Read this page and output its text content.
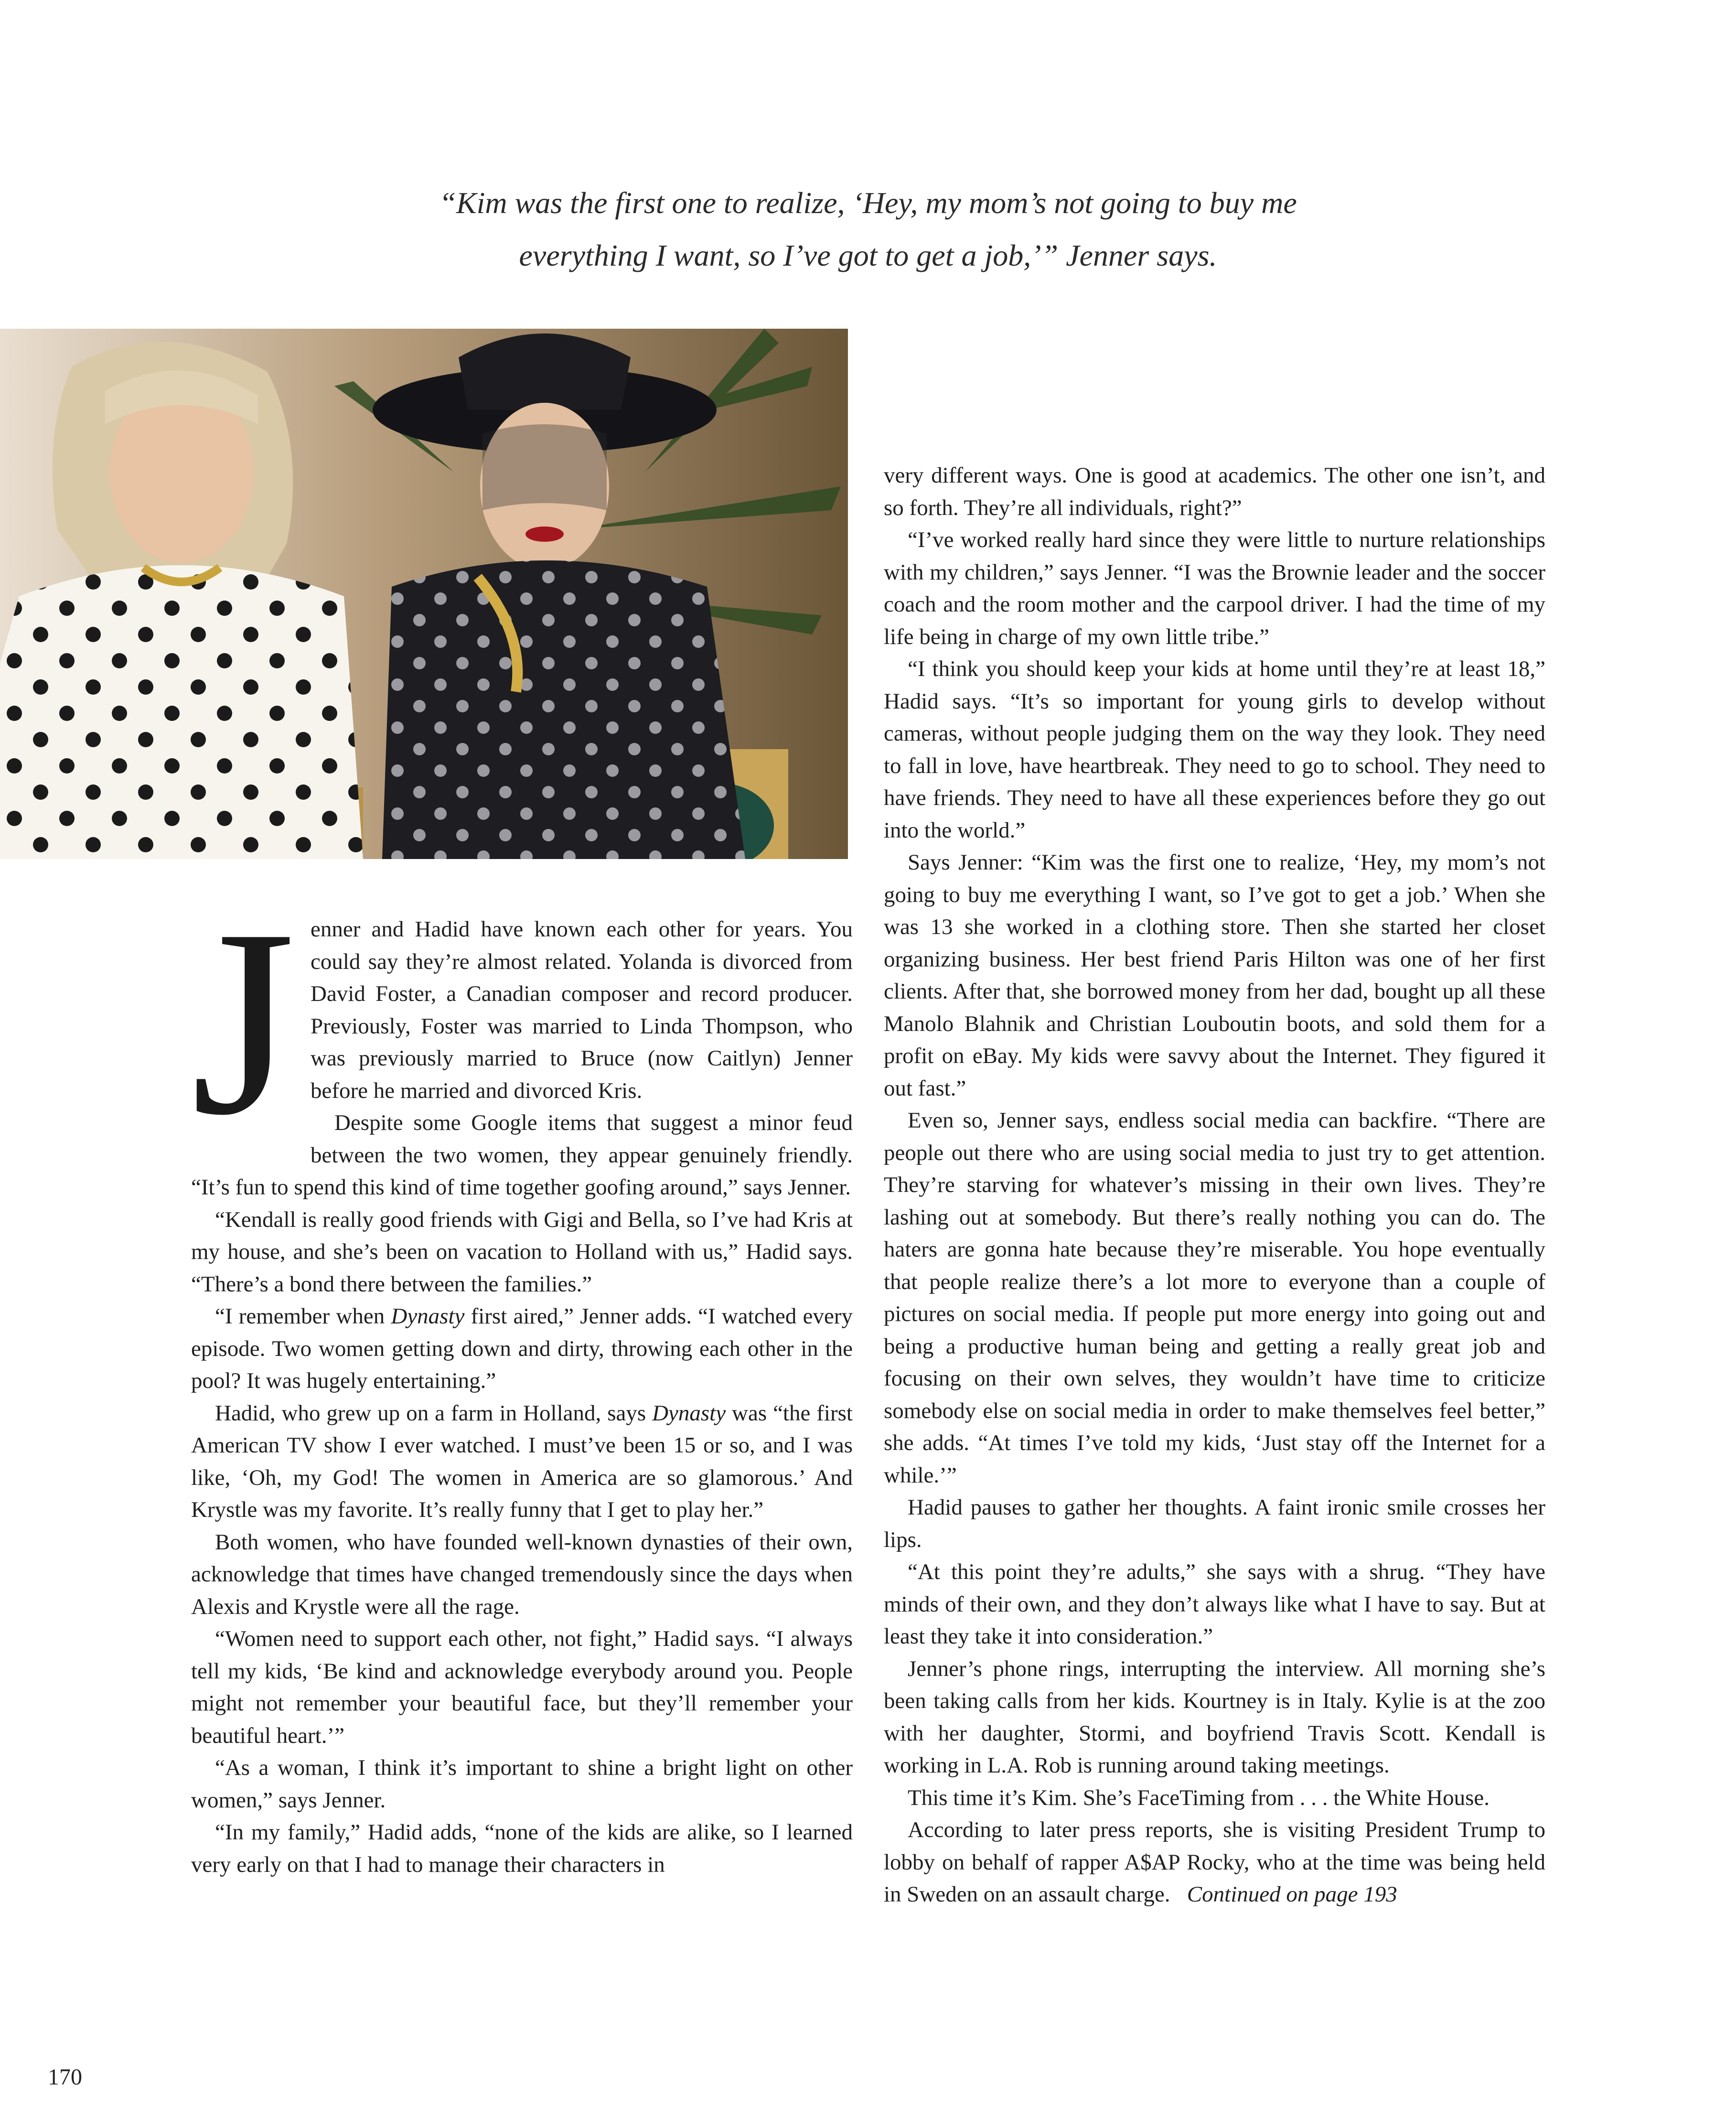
“Kim was the first one to realize, ‘Hey, my mom’s not going to buy me
everything I want, so I’ve got to get a job,’” Jenner says.

Jenner and Hadid have known each other for years. You could say they’re almost related. Yolanda is divorced from David Foster, a Canadian composer and record producer. Previously, Foster was married to Linda Thompson, who was previously married to Bruce (now Caitlyn) Jenner before he married and divorced Kris.

Despite some Google items that suggest a minor feud between the two women, they appear genuinely friendly. “It’s fun to spend this kind of time together goofing around,” says Jenner.

“Kendall is really good friends with Gigi and Bella, so I’ve had Kris at my house, and she’s been on vacation to Holland with us,” Hadid says. “There’s a bond there between the families.”

“I remember when Dynasty first aired,” Jenner adds. “I watched every episode. Two women getting down and dirty, throwing each other in the pool? It was hugely entertaining.”

Hadid, who grew up on a farm in Holland, says Dynasty was “the first American TV show I ever watched. I must’ve been 15 or so, and I was like, ‘Oh, my God! The women in America are so glamorous.’ And Krystle was my favorite. It’s really funny that I get to play her.”

Both women, who have founded well-known dynasties of their own, acknowledge that times have changed tremendously since the days when Alexis and Krystle were all the rage.

“Women need to support each other, not fight,” Hadid says. “I always tell my kids, ‘Be kind and acknowledge everybody around you. People might not remember your beautiful face, but they’ll remember your beautiful heart.’”

“As a woman, I think it’s important to shine a bright light on other women,” says Jenner.

“In my family,” Hadid adds, “none of the kids are alike, so I learned very early on that I had to manage their characters in

very different ways. One is good at academics. The other one isn’t, and so forth. They’re all individuals, right?”

“I’ve worked really hard since they were little to nurture relationships with my children,” says Jenner. “I was the Brownie leader and the soccer coach and the room mother and the carpool driver. I had the time of my life being in charge of my own little tribe.”

“I think you should keep your kids at home until they’re at least 18,” Hadid says. “It’s so important for young girls to develop without cameras, without people judging them on the way they look. They need to fall in love, have heartbreak. They need to go to school. They need to have friends. They need to have all these experiences before they go out into the world.”

Says Jenner: “Kim was the first one to realize, ‘Hey, my mom’s not going to buy me everything I want, so I’ve got to get a job.’ When she was 13 she worked in a clothing store. Then she started her closet organizing business. Her best friend Paris Hilton was one of her first clients. After that, she borrowed money from her dad, bought up all these Manolo Blahnik and Christian Louboutin boots, and sold them for a profit on eBay. My kids were savvy about the Internet. They figured it out fast.”

Even so, Jenner says, endless social media can backfire. “There are people out there who are using social media to just try to get attention. They’re starving for whatever’s missing in their own lives. They’re lashing out at somebody. But there’s really nothing you can do. The haters are gonna hate because they’re miserable. You hope eventually that people realize there’s a lot more to everyone than a couple of pictures on social media. If people put more energy into going out and being a productive human being and getting a really great job and focusing on their own selves, they wouldn’t have time to criticize somebody else on social media in order to make themselves feel better,” she adds. “At times I’ve told my kids, ‘Just stay off the Internet for a while.’”

Hadid pauses to gather her thoughts. A faint ironic smile crosses her lips.

“At this point they’re adults,” she says with a shrug. “They have minds of their own, and they don’t always like what I have to say. But at least they take it into consideration.”

Jenner’s phone rings, interrupting the interview. All morning she’s been taking calls from her kids. Kourtney is in Italy. Kylie is at the zoo with her daughter, Stormi, and boyfriend Travis Scott. Kendall is working in L.A. Rob is running around taking meetings.

This time it’s Kim. She’s FaceTiming from . . . the White House.

According to later press reports, she is visiting President Trump to lobby on behalf of rapper A$AP Rocky, who at the time was being held in Sweden on an assault charge. Continued on page 193

170
